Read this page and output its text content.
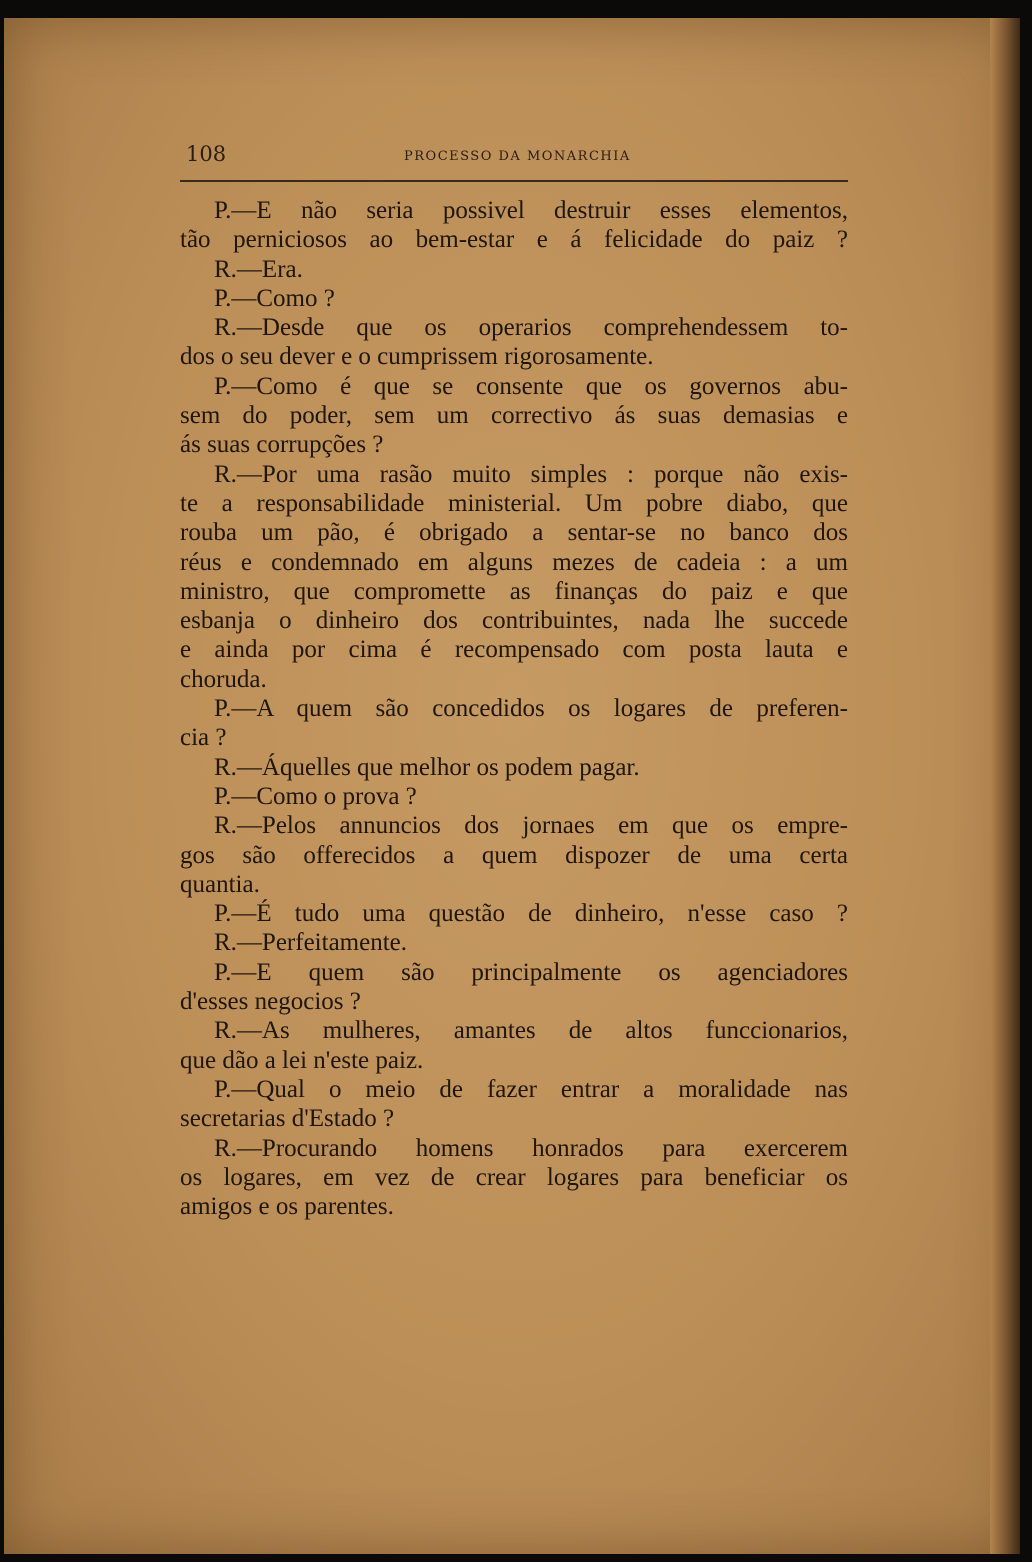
108	PROCESSO DA MONARCHIA
P.—E não seria possivel destruir esses elementos,
tão perniciosos ao bem-estar e á felicidade do paiz ?
R.—Era.
P.—Como ?
R.—Desde que os operarios comprehendessem to-
dos o seu dever e o cumprissem rigorosamente.
P.—Como é que se consente que os governos abu-
sem do poder, sem um correctivo ás suas demasias e
ás suas corrupções ?
R.—Por uma rasão muito simples : porque não exis-
te a responsabilidade ministerial. Um pobre diabo, que
rouba um pão, é obrigado a sentar-se no banco dos
réus e condemnado em alguns mezes de cadeia : a um
ministro, que compromette as finanças do paiz e que
esbanja o dinheiro dos contribuintes, nada lhe succede
e ainda por cima é recompensado com posta lauta e
choruda.
P.—A quem são concedidos os logares de preferen-
cia ?
R.—Áquelles que melhor os podem pagar.
P.—Como o prova ?
R.—Pelos annuncios dos jornaes em que os empre-
gos são offerecidos a quem dispozer de uma certa
quantia.
P.—É tudo uma questão de dinheiro, n'esse caso ?
R.—Perfeitamente.
P.—E quem são principalmente os agenciadores
d'esses negocios ?
R.—As mulheres, amantes de altos funccionarios,
que dão a lei n'este paiz.
P.—Qual o meio de fazer entrar a moralidade nas
secretarias d'Estado ?
R.—Procurando homens honrados para exercerem
os logares, em vez de crear logares para beneficiar os
amigos e os parentes.
